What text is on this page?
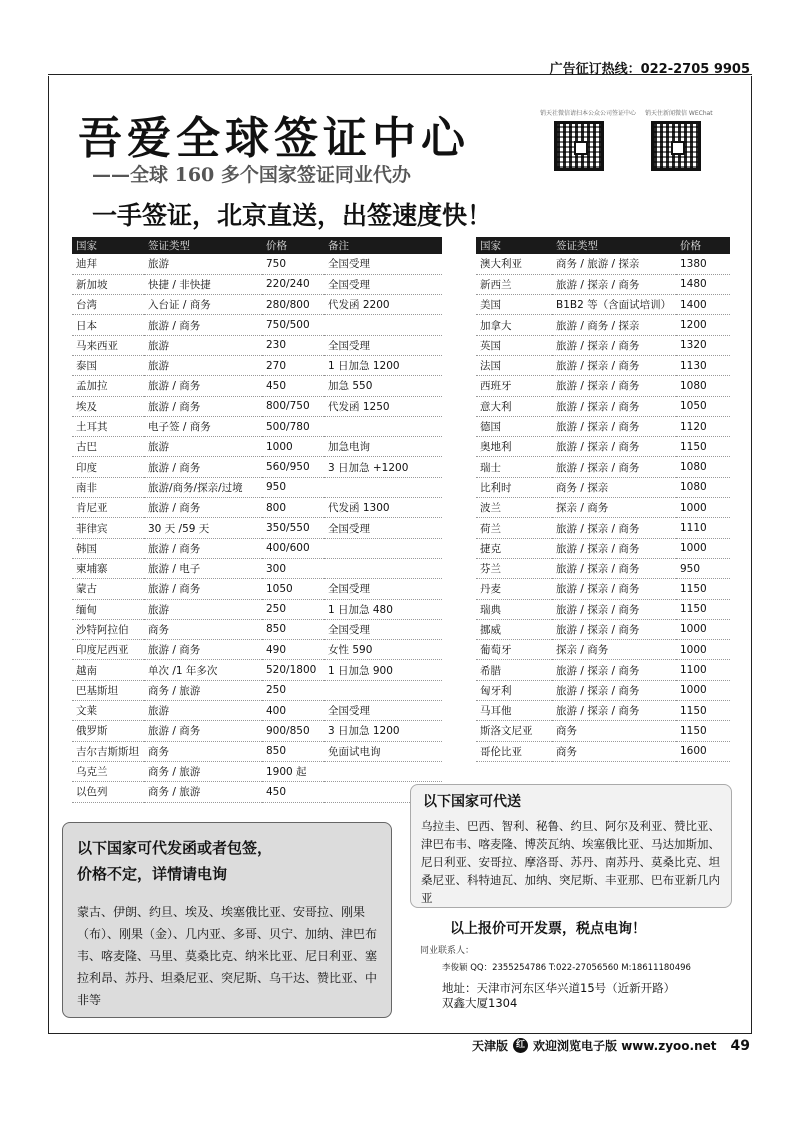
广告征订热线：022-2705 9905
吾爱全球签证中心
——全球 160 多个国家签证同业代办
一手签证，北京直送，出签速度快！
销天社微信请扫本公众公司签证中心	销天住新闻微信 WEChat
国家	签证类型	价格	备注
迪拜	旅游	750	全国受理
新加坡	快捷 / 非快捷	220/240	全国受理
台湾	入台证 / 商务	280/800	代发函 2200
日本	旅游 / 商务	750/500	
马来西亚	旅游	230	全国受理
泰国	旅游	270	1 日加急 1200
孟加拉	旅游 / 商务	450	加急 550
埃及	旅游 / 商务	800/750	代发函 1250
土耳其	电子签 / 商务	500/780	
古巴	旅游	1000	加急电询
印度	旅游 / 商务	560/950	3 日加急 +1200
南非	旅游/商务/探亲/过境	950	
肯尼亚	旅游 / 商务	800	代发函 1300
菲律宾	30 天 /59 天	350/550	全国受理
韩国	旅游 / 商务	400/600	
柬埔寨	旅游 / 电子	300	
蒙古	旅游 / 商务	1050	全国受理
缅甸	旅游	250	1 日加急 480
沙特阿拉伯	商务	850	全国受理
印度尼西亚	旅游 / 商务	490	女性 590
越南	单次 /1 年多次	520/1800	1 日加急 900
巴基斯坦	商务 / 旅游	250	
文莱	旅游	400	全国受理
俄罗斯	旅游 / 商务	900/850	3 日加急 1200
吉尔吉斯斯坦	商务	850	免面试电询
乌克兰	商务 / 旅游	1900 起	
以色列	商务 / 旅游	450	
国家	签证类型	价格
澳大利亚	商务 / 旅游 / 探亲	1380
新西兰	旅游 / 探亲 / 商务	1480
美国	B1B2 等（含面试培训）	1400
加拿大	旅游 / 商务 / 探亲	1200
英国	旅游 / 探亲 / 商务	1320
法国	旅游 / 探亲 / 商务	1130
西班牙	旅游 / 探亲 / 商务	1080
意大利	旅游 / 探亲 / 商务	1050
德国	旅游 / 探亲 / 商务	1120
奥地利	旅游 / 探亲 / 商务	1150
瑞士	旅游 / 探亲 / 商务	1080
比利时	商务 / 探亲	1080
波兰	探亲 / 商务	1000
荷兰	旅游 / 探亲 / 商务	1110
捷克	旅游 / 探亲 / 商务	1000
芬兰	旅游 / 探亲 / 商务	950
丹麦	旅游 / 探亲 / 商务	1150
瑞典	旅游 / 探亲 / 商务	1150
挪威	旅游 / 探亲 / 商务	1000
葡萄牙	探亲 / 商务	1000
希腊	旅游 / 探亲 / 商务	1100
匈牙利	旅游 / 探亲 / 商务	1000
马耳他	旅游 / 探亲 / 商务	1150
斯洛文尼亚	商务	1150
哥伦比亚	商务	1600
以下国家可代送
乌拉圭、巴西、智利、秘鲁、约旦、阿尔及利亚、赞比亚、津巴布韦、喀麦隆、博茨瓦纳、埃塞俄比亚、马达加斯加、尼日利亚、安哥拉、摩洛哥、苏丹、南苏丹、莫桑比克、坦桑尼亚、科特迪瓦、加纳、突尼斯、丰亚那、巴布亚新几内亚
以下国家可代发函或者包签，
价格不定，详情请电询
蒙古、伊朗、约旦、埃及、埃塞俄比亚、安哥拉、刚果（布）、刚果（金）、几内亚、多哥、贝宁、加纳、津巴布韦、喀麦隆、马里、莫桑比克、纳米比亚、尼日利亚、塞拉利昂、苏丹、坦桑尼亚、突尼斯、乌干达、赞比亚、中非等
以上报价可开发票，税点电询！
同业联系人：
李俊颖 QQ：2355254786 T:022-27056560 M:18611180496
地址：天津市河东区华兴道15号（近新开路）
双鑫大厦1304
天津版 红 欢迎浏览电子版 www.zyoo.net 49
